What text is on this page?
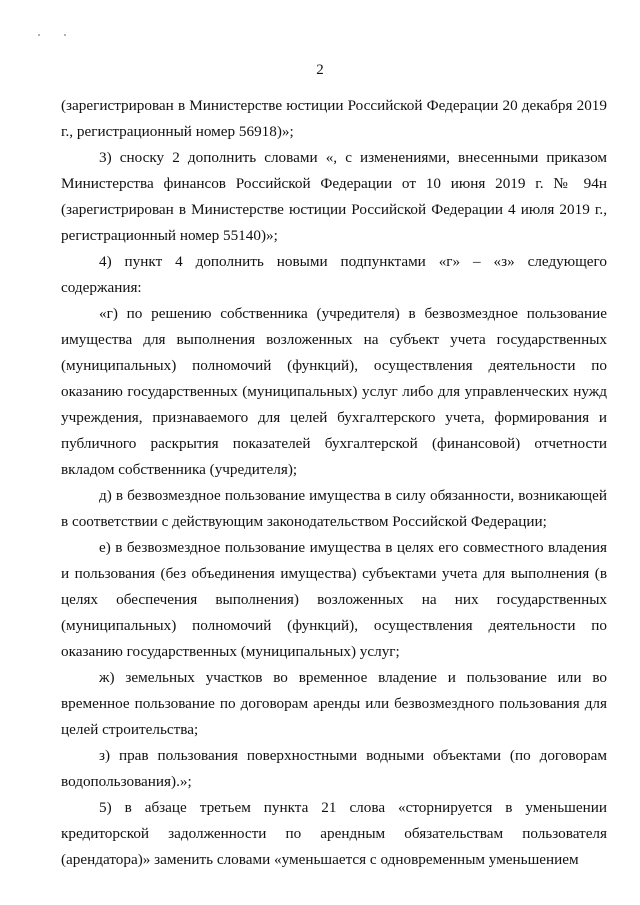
2

(зарегистрирован в Министерстве юстиции Российской Федерации 20 декабря 2019 г., регистрационный номер 56918)»;

3) сноску 2 дополнить словами «, с изменениями, внесенными приказом Министерства финансов Российской Федерации от 10 июня 2019 г. № 94н (зарегистрирован в Министерстве юстиции Российской Федерации 4 июля 2019 г., регистрационный номер 55140)»;

4) пункт 4 дополнить новыми подпунктами «г» – «з» следующего содержания:

«г) по решению собственника (учредителя) в безвозмездное пользование имущества для выполнения возложенных на субъект учета государственных (муниципальных) полномочий (функций), осуществления деятельности по оказанию государственных (муниципальных) услуг либо для управленческих нужд учреждения, признаваемого для целей бухгалтерского учета, формирования и публичного раскрытия показателей бухгалтерской (финансовой) отчетности вкладом собственника (учредителя);

д) в безвозмездное пользование имущества в силу обязанности, возникающей в соответствии с действующим законодательством Российской Федерации;

е) в безвозмездное пользование имущества в целях его совместного владения и пользования (без объединения имущества) субъектами учета для выполнения (в целях обеспечения выполнения) возложенных на них государственных (муниципальных) полномочий (функций), осуществления деятельности по оказанию государственных (муниципальных) услуг;

ж) земельных участков во временное владение и пользование или во временное пользование по договорам аренды или безвозмездного пользования для целей строительства;

з) прав пользования поверхностными водными объектами (по договорам водопользования).»;

5) в абзаце третьем пункта 21 слова «сторнируется в уменьшении кредиторской задолженности по арендным обязательствам пользователя (арендатора)» заменить словами «уменьшается с одновременным уменьшением
